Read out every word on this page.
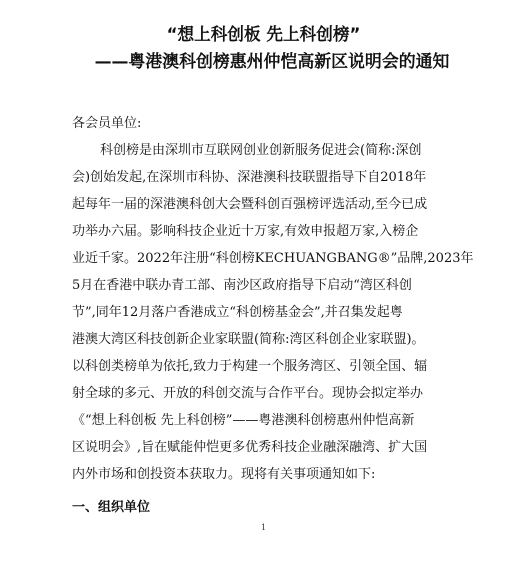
“想上科创板 先上科创榜”
——粤港澳科创榜惠州仲恺高新区说明会的通知
各会员单位:
科创榜是由深圳市互联网创业创新服务促进会(简称:深创
会)创始发起,在深圳市科协、深港澳科技联盟指导下自2018年
起每年一届的深港澳科创大会暨科创百强榜评选活动,至今已成
功举办六届。影响科技企业近十万家,有效申报超万家,入榜企
业近千家。2022年注册“科创榜KECHUANGBANG®”品牌,2023年
5月在香港中联办青工部、南沙区政府指导下启动“湾区科创
节”,同年12月落户香港成立“科创榜基金会”,并召集发起粤
港澳大湾区科技创新企业家联盟(简称:湾区科创企业家联盟)。
以科创类榜单为依托,致力于构建一个服务湾区、引领全国、辐
射全球的多元、开放的科创交流与合作平台。现协会拟定举办
《“想上科创板 先上科创榜”——粤港澳科创榜惠州仲恺高新
区说明会》,旨在赋能仲恺更多优秀科技企业融深融湾、扩大国
内外市场和创投资本获取力。现将有关事项通知如下:
一、组织单位
1
